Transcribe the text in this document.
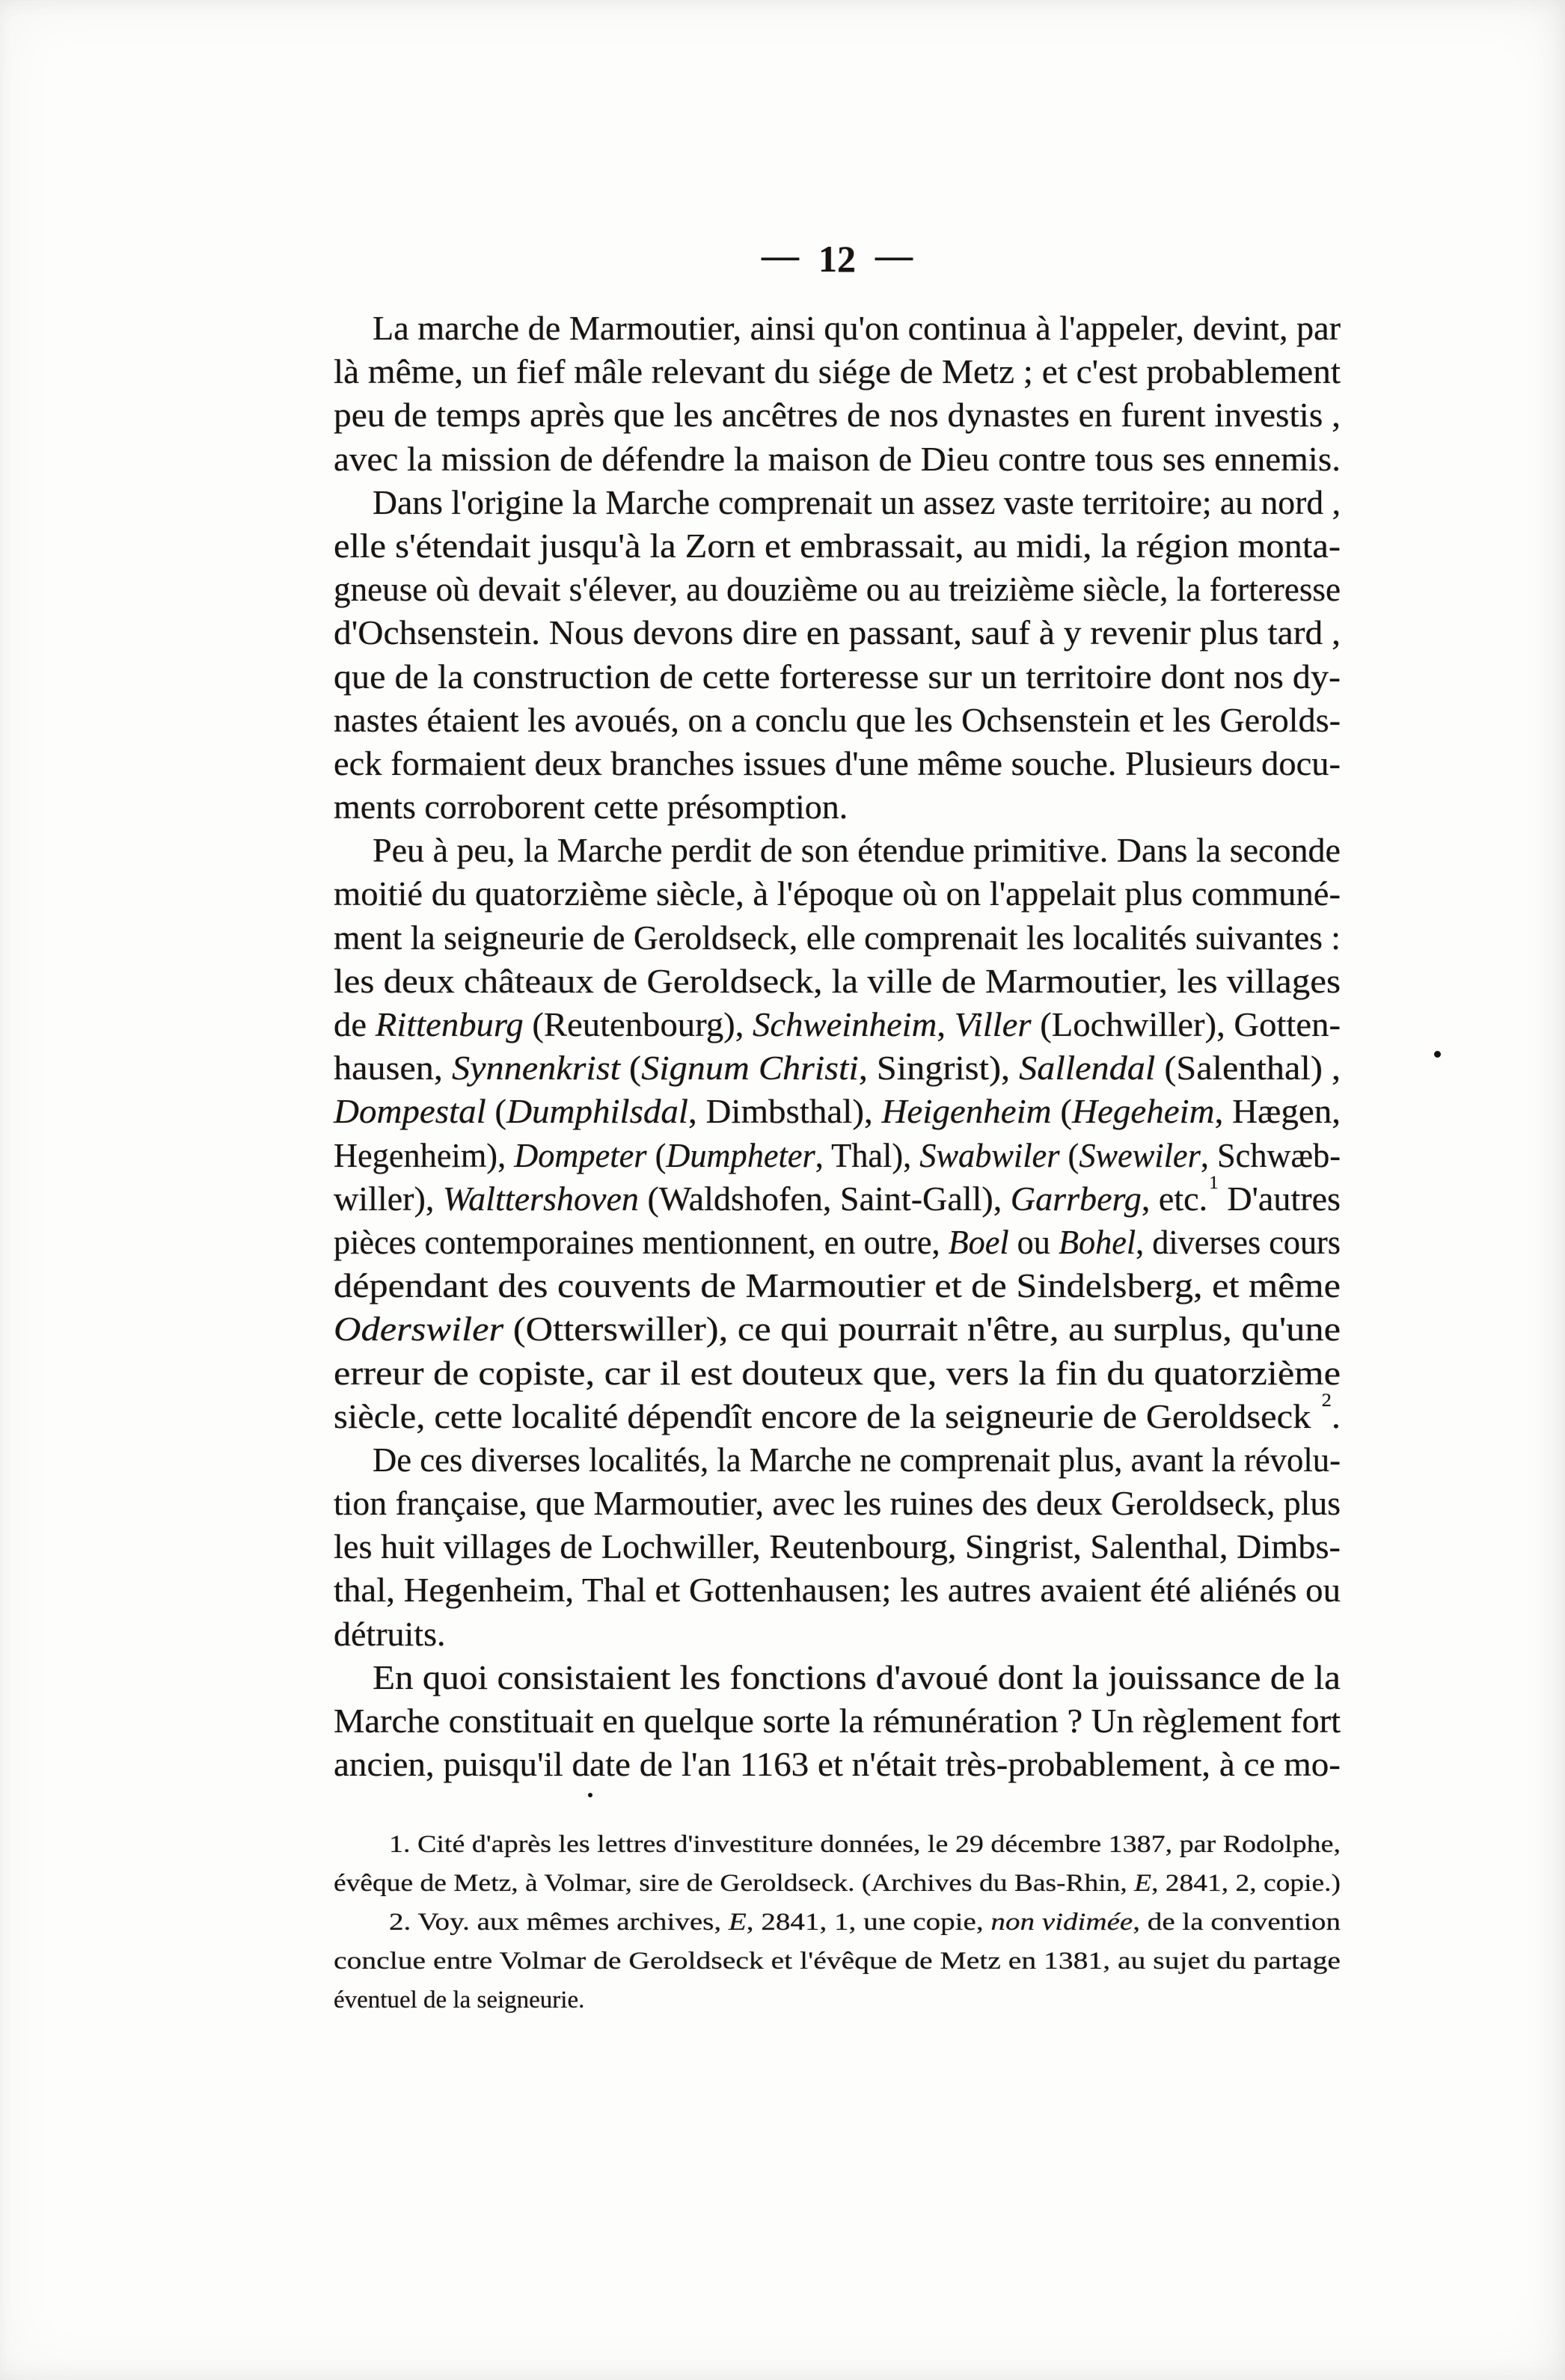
— 12 —
La marche de Marmoutier, ainsi qu'on continua à l'appeler, devint, par
là même, un fief mâle relevant du siége de Metz ; et c'est probablement
peu de temps après que les ancêtres de nos dynastes en furent investis ,
avec la mission de défendre la maison de Dieu contre tous ses ennemis.
Dans l'origine la Marche comprenait un assez vaste territoire; au nord ,
elle s'étendait jusqu'à la Zorn et embrassait, au midi, la région monta-
gneuse où devait s'élever, au douzième ou au treizième siècle, la forteresse
d'Ochsenstein. Nous devons dire en passant, sauf à y revenir plus tard ,
que de la construction de cette forteresse sur un territoire dont nos dy-
nastes étaient les avoués, on a conclu que les Ochsenstein et les Gerolds-
eck formaient deux branches issues d'une même souche. Plusieurs docu-
ments corroborent cette présomption.
Peu à peu, la Marche perdit de son étendue primitive. Dans la seconde
moitié du quatorzième siècle, à l'époque où on l'appelait plus communé-
ment la seigneurie de Geroldseck, elle comprenait les localités suivantes :
les deux châteaux de Geroldseck, la ville de Marmoutier, les villages
de Rittenburg (Reutenbourg), Schweinheim, Viller (Lochwiller), Gotten-
hausen, Synnenkrist (Signum Christi, Singrist), Sallendal (Salenthal) ,
Dompestal (Dumphilsdal, Dimbsthal), Heigenheim (Hegeheim, Hægen,
Hegenheim), Dompeter (Dumpheter, Thal), Swabwiler (Swewiler, Schwæb-
willer), Walttershoven (Waldshofen, Saint-Gall), Garrberg, etc.$^1$ D'autres
pièces contemporaines mentionnent, en outre, Boel ou Bohel, diverses cours
dépendant des couvents de Marmoutier et de Sindelsberg, et même
Oderswiler (Otterswiller), ce qui pourrait n'être, au surplus, qu'une
erreur de copiste, car il est douteux que, vers la fin du quatorzième
siècle, cette localité dépendît encore de la seigneurie de Geroldseck $^2$.
De ces diverses localités, la Marche ne comprenait plus, avant la révolu-
tion française, que Marmoutier, avec les ruines des deux Geroldseck, plus
les huit villages de Lochwiller, Reutenbourg, Singrist, Salenthal, Dimbs-
thal, Hegenheim, Thal et Gottenhausen; les autres avaient été aliénés ou
détruits.
En quoi consistaient les fonctions d'avoué dont la jouissance de la
Marche constituait en quelque sorte la rémunération ? Un règlement fort
ancien, puisqu'il date de l'an 1163 et n'était très-probablement, à ce mo-
1. Cité d'après les lettres d'investiture données, le 29 décembre 1387, par Rodolphe,
évêque de Metz, à Volmar, sire de Geroldseck. (Archives du Bas-Rhin, E, 2841, 2, copie.)
2. Voy. aux mêmes archives, E, 2841, 1, une copie, non vidimée, de la convention
conclue entre Volmar de Geroldseck et l'évêque de Metz en 1381, au sujet du partage
éventuel de la seigneurie.
